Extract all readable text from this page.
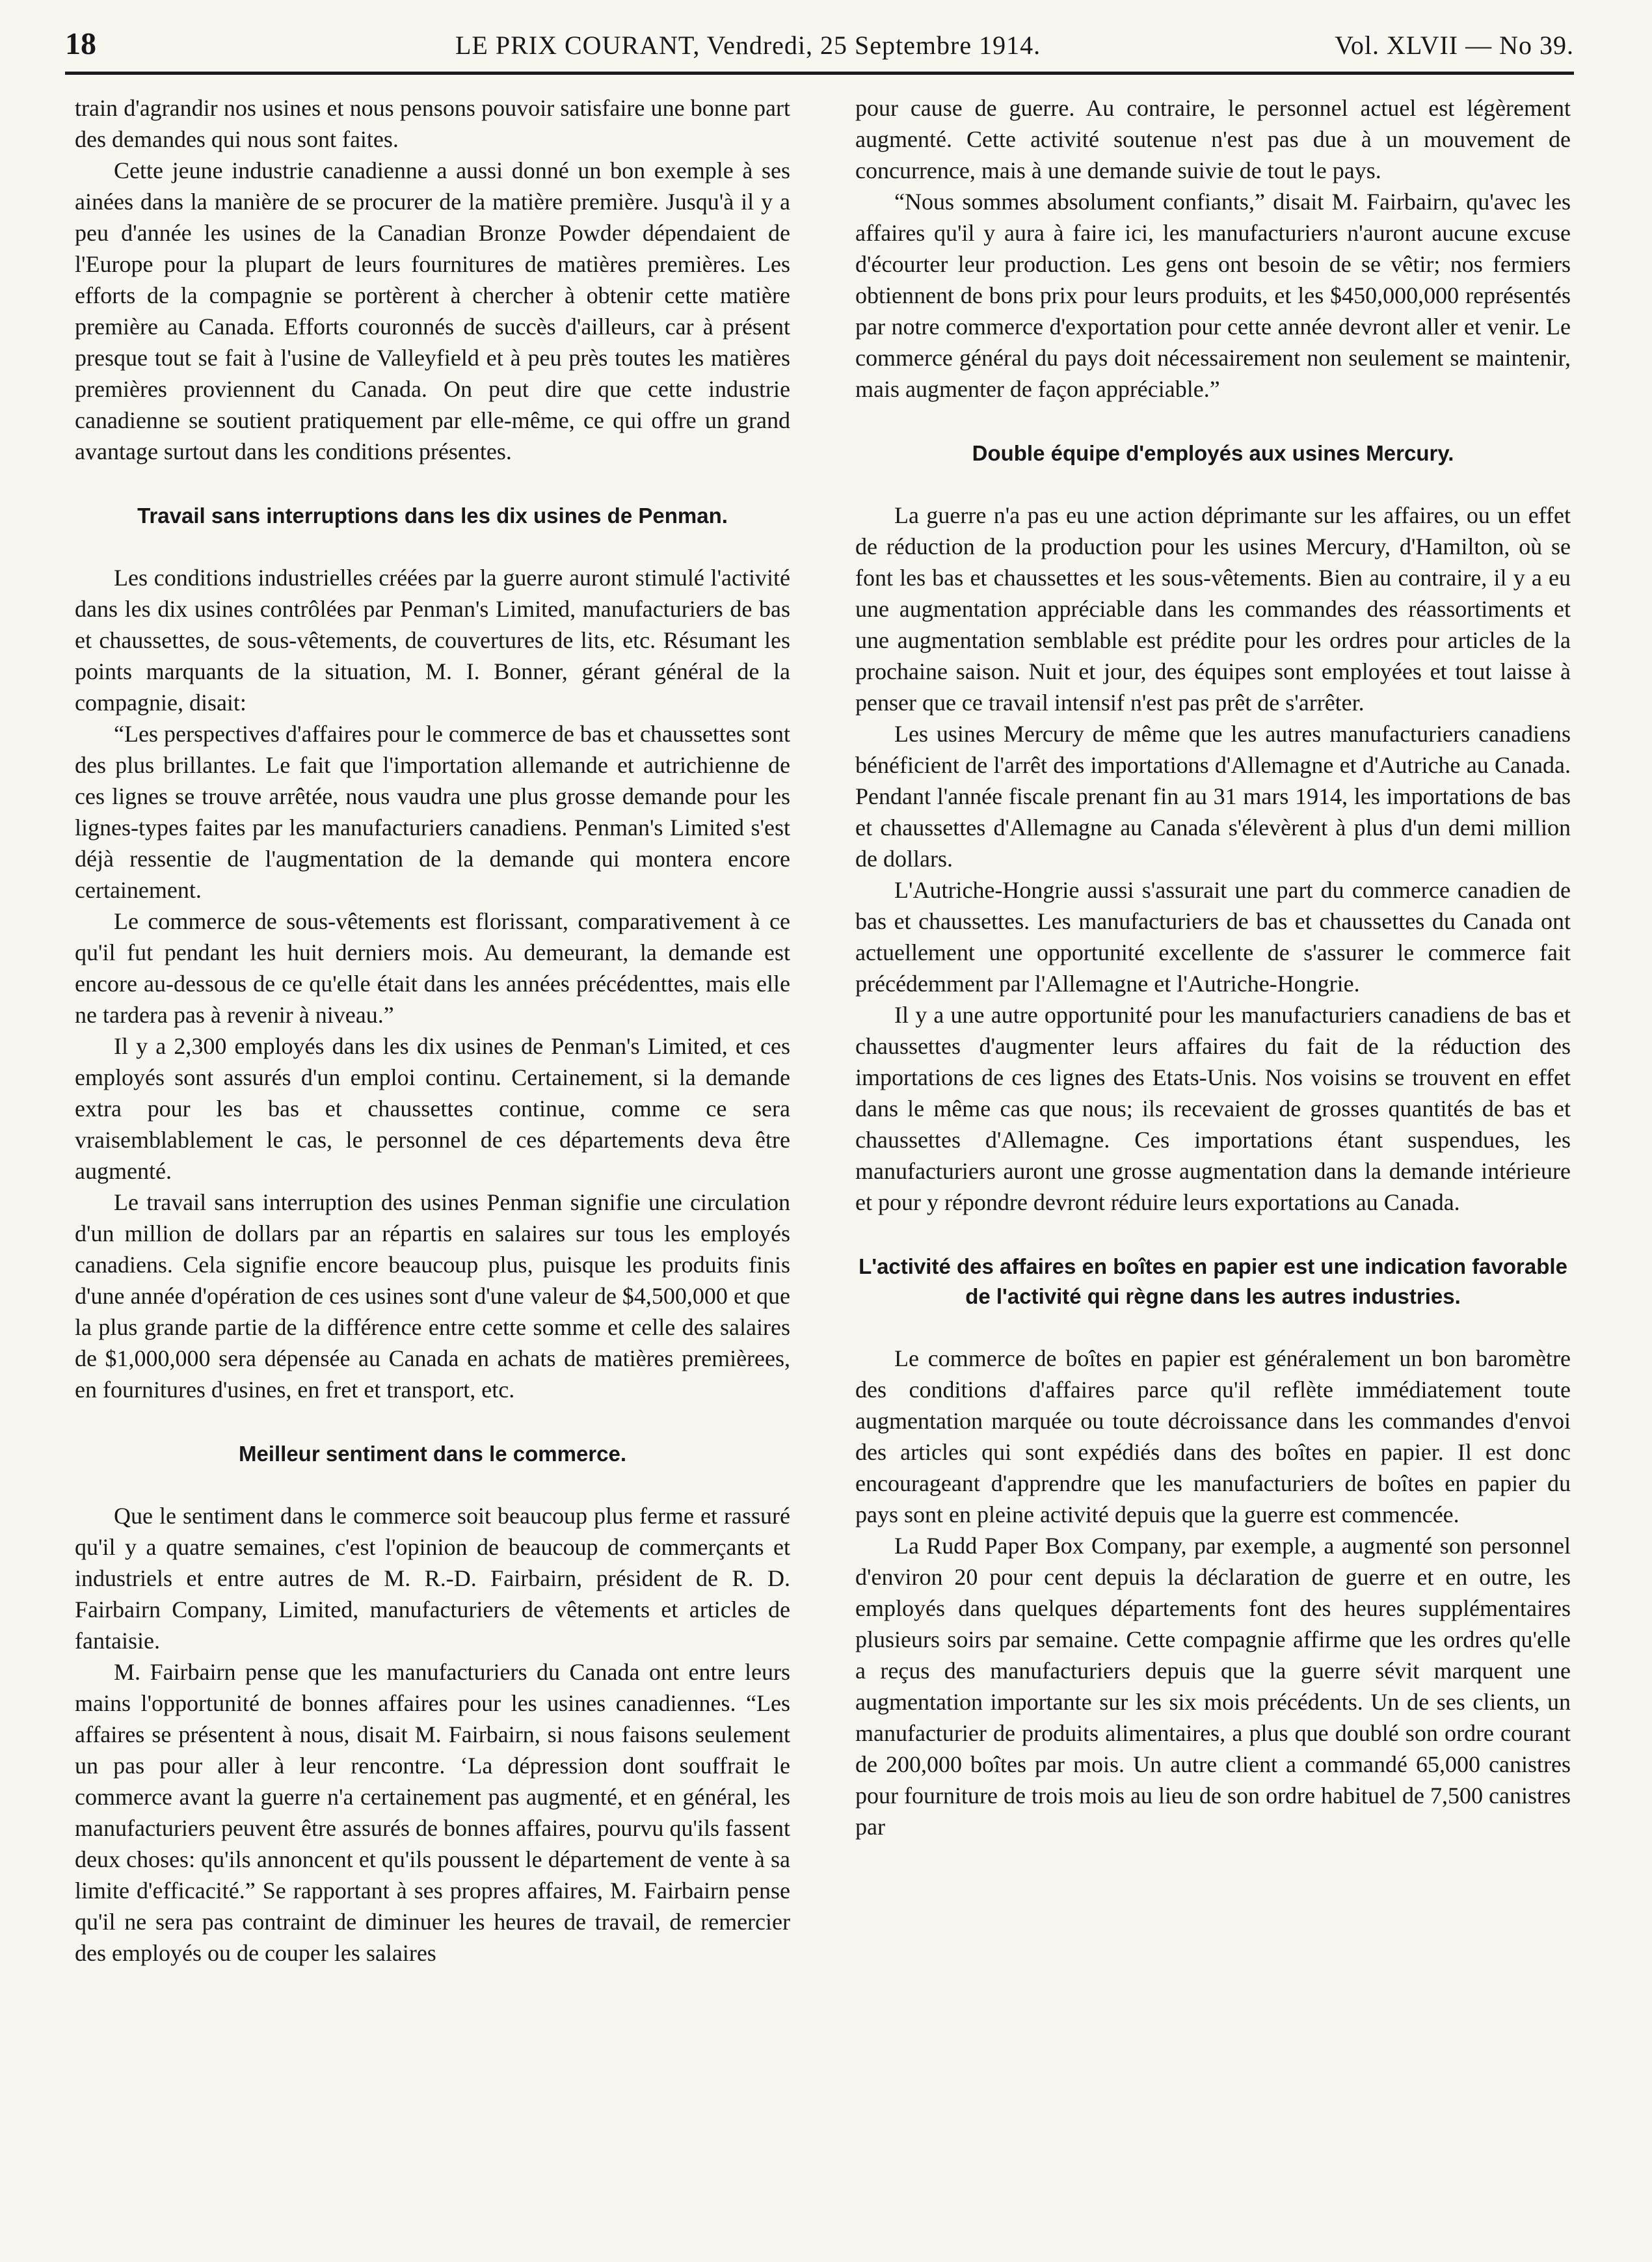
18	LE PRIX COURANT, Vendredi, 25 Septembre 1914.	Vol. XLVII — No 39.

train d'agrandir nos usines et nous pensons pouvoir satisfaire une bonne part des demandes qui nous sont faites.

Cette jeune industrie canadienne a aussi donné un bon exemple à ses ainées dans la manière de se procurer de la matière première. Jusqu'à il y a peu d'année les usines de la Canadian Bronze Powder dépendaient de l'Europe pour la plupart de leurs fournitures de matières premières. Les efforts de la compagnie se portèrent à chercher à obtenir cette matière première au Canada. Efforts couronnés de succès d'ailleurs, car à présent presque tout se fait à l'usine de Valleyfield et à peu près toutes les matières premières proviennent du Canada. On peut dire que cette industrie canadienne se soutient pratiquement par elle-même, ce qui offre un grand avantage surtout dans les conditions présentes.

Travail sans interruptions dans les dix usines de Penman.

Les conditions industrielles créées par la guerre auront stimulé l'activité dans les dix usines contrôlées par Penman's Limited, manufacturiers de bas et chaussettes, de sous-vêtements, de couvertures de lits, etc. Résumant les points marquants de la situation, M. I. Bonner, gérant général de la compagnie, disait:

“Les perspectives d'affaires pour le commerce de bas et chaussettes sont des plus brillantes. Le fait que l'importation allemande et autrichienne de ces lignes se trouve arrêtée, nous vaudra une plus grosse demande pour les lignes-types faites par les manufacturiers canadiens. Penman's Limited s'est déjà ressentie de l'augmentation de la demande qui montera encore certainement.

Le commerce de sous-vêtements est florissant, comparativement à ce qu'il fut pendant les huit derniers mois. Au demeurant, la demande est encore au-dessous de ce qu'elle était dans les années précédenttes, mais elle ne tardera pas à revenir à niveau.”

Il y a 2,300 employés dans les dix usines de Penman's Limited, et ces employés sont assurés d'un emploi continu. Certainement, si la demande extra pour les bas et chaussettes continue, comme ce sera vraisemblablement le cas, le personnel de ces départements deva être augmenté.

Le travail sans interruption des usines Penman signifie une circulation d'un million de dollars par an répartis en salaires sur tous les employés canadiens. Cela signifie encore beaucoup plus, puisque les produits finis d'une année d'opération de ces usines sont d'une valeur de $4,500,000 et que la plus grande partie de la différence entre cette somme et celle des salaires de $1,000,000 sera dépensée au Canada en achats de matières premièrees, en fournitures d'usines, en fret et transport, etc.

Meilleur sentiment dans le commerce.

Que le sentiment dans le commerce soit beaucoup plus ferme et rassuré qu'il y a quatre semaines, c'est l'opinion de beaucoup de commerçants et industriels et entre autres de M. R.-D. Fairbairn, président de R. D. Fairbairn Company, Limited, manufacturiers de vêtements et articles de fantaisie.

M. Fairbairn pense que les manufacturiers du Canada ont entre leurs mains l'opportunité de bonnes affaires pour les usines canadiennes. “Les affaires se présentent à nous, disait M. Fairbairn, si nous faisons seulement un pas pour aller à leur rencontre. ‘La dépression dont souffrait le commerce avant la guerre n'a certainement pas augmenté, et en général, les manufacturiers peuvent être assurés de bonnes affaires, pourvu qu'ils fassent deux choses: qu'ils annoncent et qu'ils poussent le département de vente à sa limite d'efficacité.” Se rapportant à ses propres affaires, M. Fairbairn pense qu'il ne sera pas contraint de diminuer les heures de travail, de remercier des employés ou de couper les salaires

pour cause de guerre. Au contraire, le personnel actuel est légèrement augmenté. Cette activité soutenue n'est pas due à un mouvement de concurrence, mais à une demande suivie de tout le pays.

“Nous sommes absolument confiants,” disait M. Fairbairn, qu'avec les affaires qu'il y aura à faire ici, les manufacturiers n'auront aucune excuse d'écourter leur production. Les gens ont besoin de se vêtir; nos fermiers obtiennent de bons prix pour leurs produits, et les $450,000,000 représentés par notre commerce d'exportation pour cette année devront aller et venir. Le commerce général du pays doit nécessairement non seulement se maintenir, mais augmenter de façon appréciable.”

Double équipe d'employés aux usines Mercury.

La guerre n'a pas eu une action déprimante sur les affaires, ou un effet de réduction de la production pour les usines Mercury, d'Hamilton, où se font les bas et chaussettes et les sous-vêtements. Bien au contraire, il y a eu une augmentation appréciable dans les commandes des réassortiments et une augmentation semblable est prédite pour les ordres pour articles de la prochaine saison. Nuit et jour, des équipes sont employées et tout laisse à penser que ce travail intensif n'est pas prêt de s'arrêter.

Les usines Mercury de même que les autres manufacturiers canadiens bénéficient de l'arrêt des importations d'Allemagne et d'Autriche au Canada. Pendant l'année fiscale prenant fin au 31 mars 1914, les importations de bas et chaussettes d'Allemagne au Canada s'élevèrent à plus d'un demi million de dollars.

L'Autriche-Hongrie aussi s'assurait une part du commerce canadien de bas et chaussettes. Les manufacturiers de bas et chaussettes du Canada ont actuellement une opportunité excellente de s'assurer le commerce fait précédemment par l'Allemagne et l'Autriche-Hongrie.

Il y a une autre opportunité pour les manufacturiers canadiens de bas et chaussettes d'augmenter leurs affaires du fait de la réduction des importations de ces lignes des Etats-Unis. Nos voisins se trouvent en effet dans le même cas que nous; ils recevaient de grosses quantités de bas et chaussettes d'Allemagne. Ces importations étant suspendues, les manufacturiers auront une grosse augmentation dans la demande intérieure et pour y répondre devront réduire leurs exportations au Canada.

L'activité des affaires en boîtes en papier est une indication favorable de l'activité qui règne dans les autres industries.

Le commerce de boîtes en papier est généralement un bon baromètre des conditions d'affaires parce qu'il reflète immédiatement toute augmentation marquée ou toute décroissance dans les commandes d'envoi des articles qui sont expédiés dans des boîtes en papier. Il est donc encourageant d'apprendre que les manufacturiers de boîtes en papier du pays sont en pleine activité depuis que la guerre est commencée.

La Rudd Paper Box Company, par exemple, a augmenté son personnel d'environ 20 pour cent depuis la déclaration de guerre et en outre, les employés dans quelques départements font des heures supplémentaires plusieurs soirs par semaine. Cette compagnie affirme que les ordres qu'elle a reçus des manufacturiers depuis que la guerre sévit marquent une augmentation importante sur les six mois précédents. Un de ses clients, un manufacturier de produits alimentaires, a plus que doublé son ordre courant de 200,000 boîtes par mois. Un autre client a commandé 65,000 canistres pour fourniture de trois mois au lieu de son ordre habituel de 7,500 canistres par
